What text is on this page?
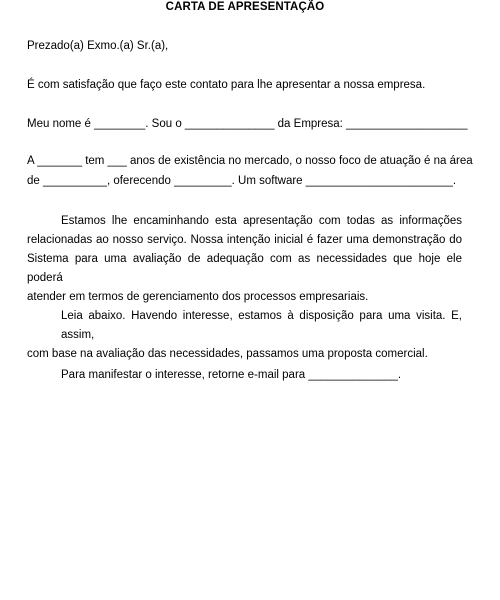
CARTA DE APRESENTAÇÃO
Prezado(a) Exmo.(a) Sr.(a),
É com satisfação que faço este contato para lhe apresentar a nossa empresa.
Meu nome é ________. Sou o ______________ da Empresa: ___________________
A _______ tem ___ anos de existência no mercado, o nosso foco de atuação é na área
de __________, oferecendo _________. Um software _______________________.
Estamos lhe encaminhando esta apresentação com todas as informações
relacionadas ao nosso serviço. Nossa intenção inicial é fazer uma demonstração do
Sistema para uma avaliação de adequação com as necessidades que hoje ele poderá
atender em termos de gerenciamento dos processos empresariais.
Leia abaixo. Havendo interesse, estamos à disposição para uma visita. E, assim,
com base na avaliação das necessidades, passamos uma proposta comercial.
Para manifestar o interesse, retorne e-mail para ______________.
